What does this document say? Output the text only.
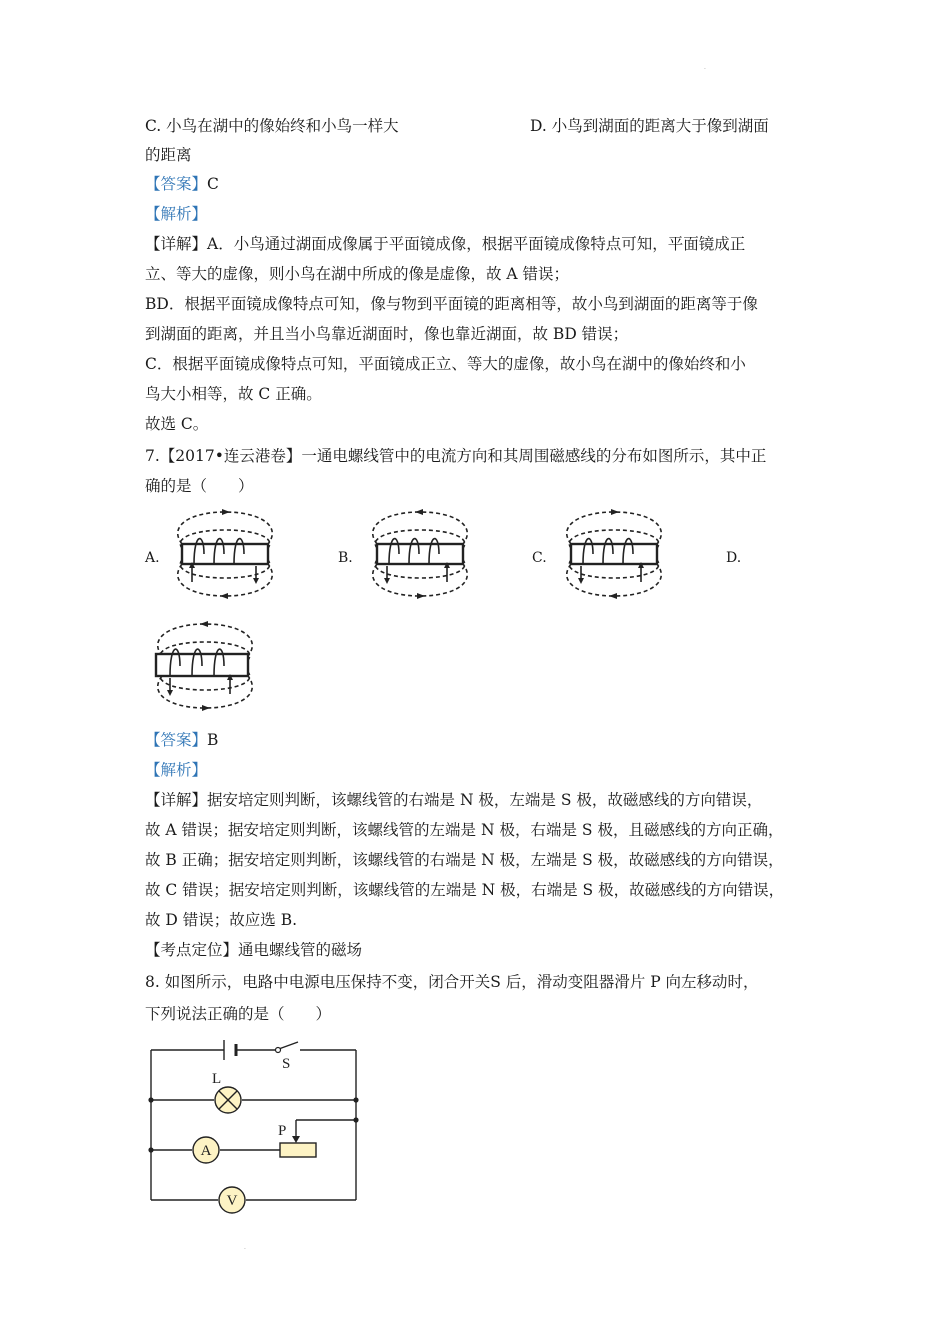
·
·
C. 小鸟在湖中的像始终和小鸟一样大	D. 小鸟到湖面的距离大于像到湖面
的距离
【答案】C
【解析】
【详解】A．小鸟通过湖面成像属于平面镜成像，根据平面镜成像特点可知，平面镜成正
立、等大的虚像，则小鸟在湖中所成的像是虚像，故 A 错误；
BD．根据平面镜成像特点可知，像与物到平面镜的距离相等，故小鸟到湖面的距离等于像
到湖面的距离，并且当小鸟靠近湖面时，像也靠近湖面，故 BD 错误；
C．根据平面镜成像特点可知，平面镜成正立、等大的虚像，故小鸟在湖中的像始终和小
鸟大小相等，故 C 正确。
故选 C。
7.【2017•连云港卷】一通电螺线管中的电流方向和其周围磁感线的分布如图所示，其中正
确的是（　　）
A.	B.	C.	D.
【答案】B
【解析】
【详解】据安培定则判断，该螺线管的右端是 N 极，左端是 S 极，故磁感线的方向错误，
故 A 错误；据安培定则判断，该螺线管的左端是 N 极，右端是 S 极，且磁感线的方向正确，
故 B 正确；据安培定则判断，该螺线管的右端是 N 极，左端是 S 极，故磁感线的方向错误，
故 C 错误；据安培定则判断，该螺线管的左端是 N 极，右端是 S 极，故磁感线的方向错误，
故 D 错误；故应选 B.
【考点定位】通电螺线管的磁场
8. 如图所示，电路中电源电压保持不变，闭合开关S 后，滑动变阻器滑片 P 向左移动时，
下列说法正确的是（　　）
S
L
A
P
V
